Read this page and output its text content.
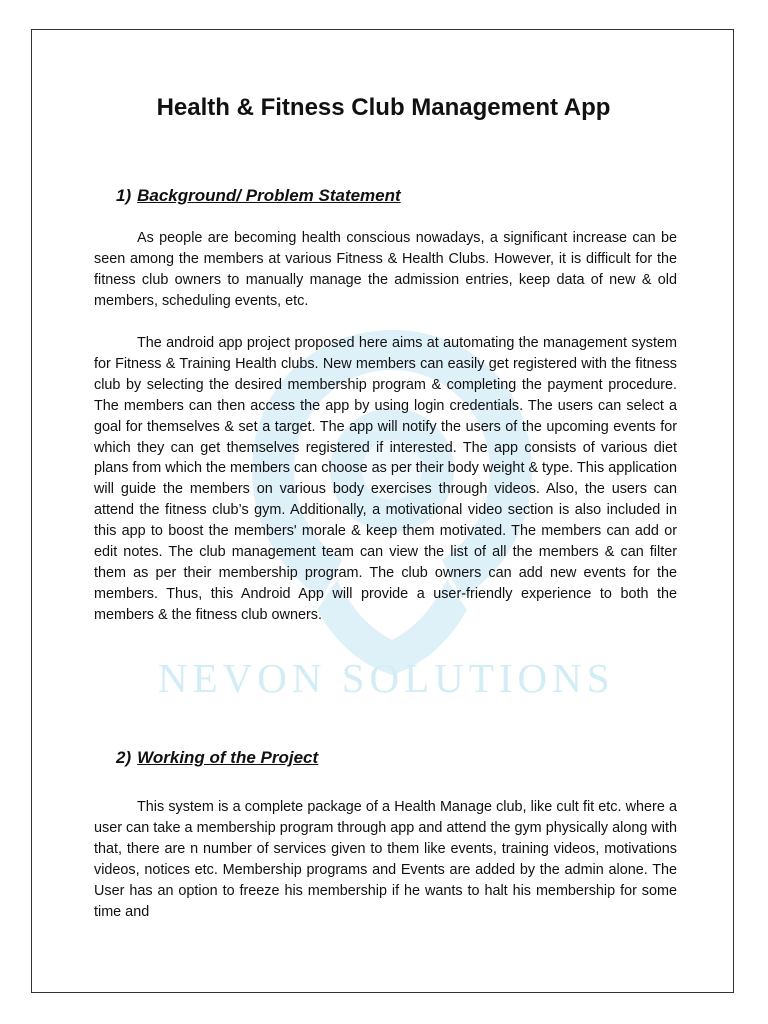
NEVON SOLUTIONS
Health & Fitness Club Management App
1) Background/ Problem Statement

As people are becoming health conscious nowadays, a significant increase can be seen among the members at various Fitness & Health Clubs. However, it is difficult for the fitness club owners to manually manage the admission entries, keep data of new & old members, scheduling events, etc.

The android app project proposed here aims at automating the management system for Fitness & Training Health clubs. New members can easily get registered with the fitness club by selecting the desired membership program & completing the payment procedure. The members can then access the app by using login credentials. The users can select a goal for themselves & set a target. The app will notify the users of the upcoming events for which they can get themselves registered if interested. The app consists of various diet plans from which the members can choose as per their body weight & type. This application will guide the members on various body exercises through videos. Also, the users can attend the fitness club’s gym. Additionally, a motivational video section is also included in this app to boost the members' morale & keep them motivated. The members can add or edit notes. The club management team can view the list of all the members & can filter them as per their membership program. The club owners can add new events for the members. Thus, this Android App will provide a user-friendly experience to both the members & the fitness club owners.

2) Working of the Project

This system is a complete package of a Health Manage club, like cult fit etc. where a user can take a membership program through app and attend the gym physically along with that, there are n number of services given to them like events, training videos, motivations videos, notices etc. Membership programs and Events are added by the admin alone. The User has an option to freeze his membership if he wants to halt his membership for some time and
